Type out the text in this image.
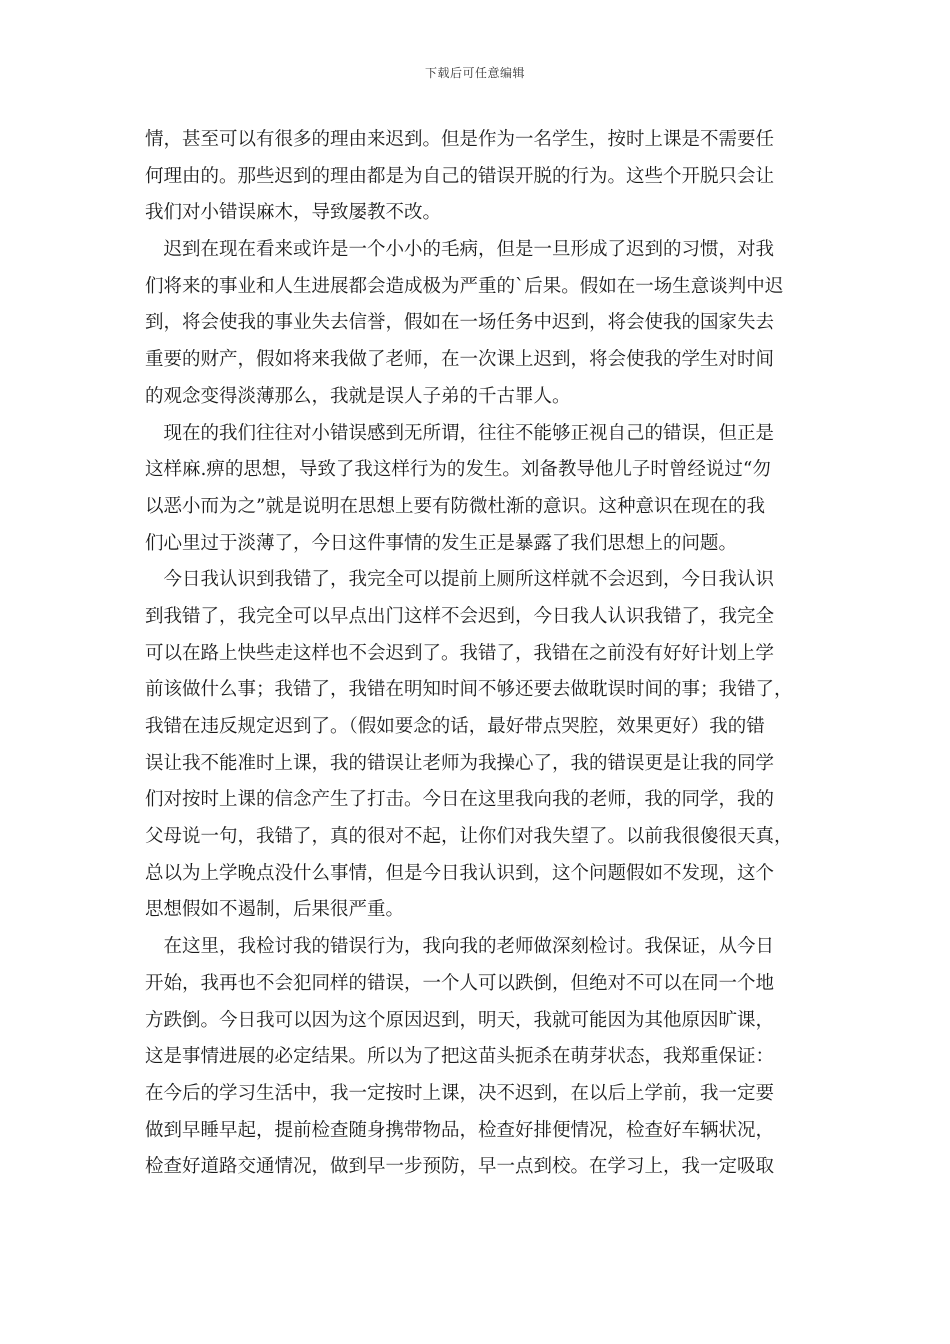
下载后可任意编辑
情，甚至可以有很多的理由来迟到。但是作为一名学生，按时上课是不需要任
何理由的。那些迟到的理由都是为自己的错误开脱的行为。这些个开脱只会让
我们对小错误麻木，导致屡教不改。
　迟到在现在看来或许是一个小小的毛病，但是一旦形成了迟到的习惯，对我
们将来的事业和人生进展都会造成极为严重的`后果。假如在一场生意谈判中迟
到，将会使我的事业失去信誉，假如在一场任务中迟到，将会使我的国家失去
重要的财产，假如将来我做了老师，在一次课上迟到，将会使我的学生对时间
的观念变得淡薄那么，我就是误人子弟的千古罪人。
　现在的我们往往对小错误感到无所谓，往往不能够正视自己的错误，但正是
这样麻.痹的思想，导致了我这样行为的发生。刘备教导他儿子时曾经说过“勿
以恶小而为之”就是说明在思想上要有防微杜渐的意识。这种意识在现在的我
们心里过于淡薄了，今日这件事情的发生正是暴露了我们思想上的问题。
　今日我认识到我错了，我完全可以提前上厕所这样就不会迟到，今日我认识
到我错了，我完全可以早点出门这样不会迟到，今日我人认识我错了，我完全
可以在路上快些走这样也不会迟到了。我错了，我错在之前没有好好计划上学
前该做什么事；我错了，我错在明知时间不够还要去做耽误时间的事；我错了，
我错在违反规定迟到了。（假如要念的话，最好带点哭腔，效果更好）我的错
误让我不能准时上课，我的错误让老师为我操心了，我的错误更是让我的同学
们对按时上课的信念产生了打击。今日在这里我向我的老师，我的同学，我的
父母说一句，我错了，真的很对不起，让你们对我失望了。以前我很傻很天真，
总以为上学晚点没什么事情，但是今日我认识到，这个问题假如不发现，这个
思想假如不遏制，后果很严重。
　在这里，我检讨我的错误行为，我向我的老师做深刻检讨。我保证，从今日
开始，我再也不会犯同样的错误，一个人可以跌倒，但绝对不可以在同一个地
方跌倒。今日我可以因为这个原因迟到，明天，我就可能因为其他原因旷课，
这是事情进展的必定结果。所以为了把这苗头扼杀在萌芽状态，我郑重保证：
在今后的学习生活中，我一定按时上课，决不迟到，在以后上学前，我一定要
做到早睡早起，提前检查随身携带物品，检查好排便情况，检查好车辆状况，
检查好道路交通情况，做到早一步预防，早一点到校。在学习上，我一定吸取
